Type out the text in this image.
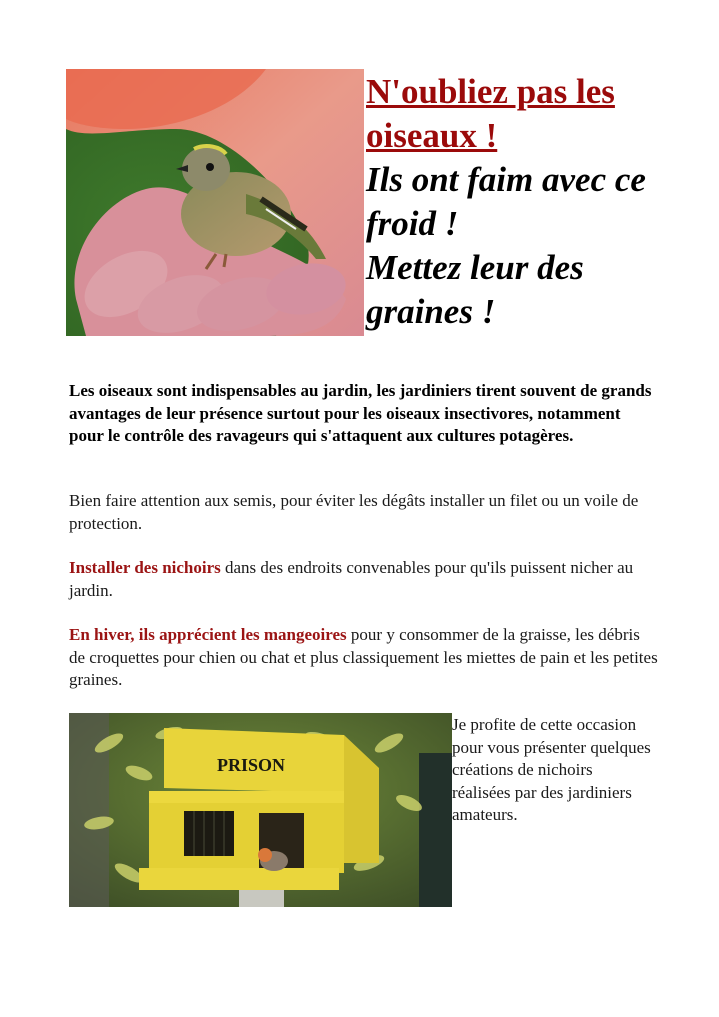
N'oubliez pas les oiseaux !

Ils ont faim avec ce froid !

Mettez leur des graines !

Les oiseaux sont indispensables au jardin, les jardiniers tirent souvent de grands avantages de leur présence surtout pour les oiseaux insectivores, notamment pour le contrôle des ravageurs qui s'attaquent aux cultures potagères.

Bien faire attention aux semis, pour éviter les dégâts installer un filet ou un voile de protection.

Installer des nichoirs dans des endroits convenables pour qu'ils puissent nicher au jardin.

En hiver, ils apprécient les mangeoires pour y consommer de la graisse, les débris de croquettes pour chien ou chat et plus classiquement les miettes de pain et les petites graines.

PRISON

Je profite de cette occasion pour vous présenter quelques créations de nichoirs réalisées par des jardiniers amateurs.
